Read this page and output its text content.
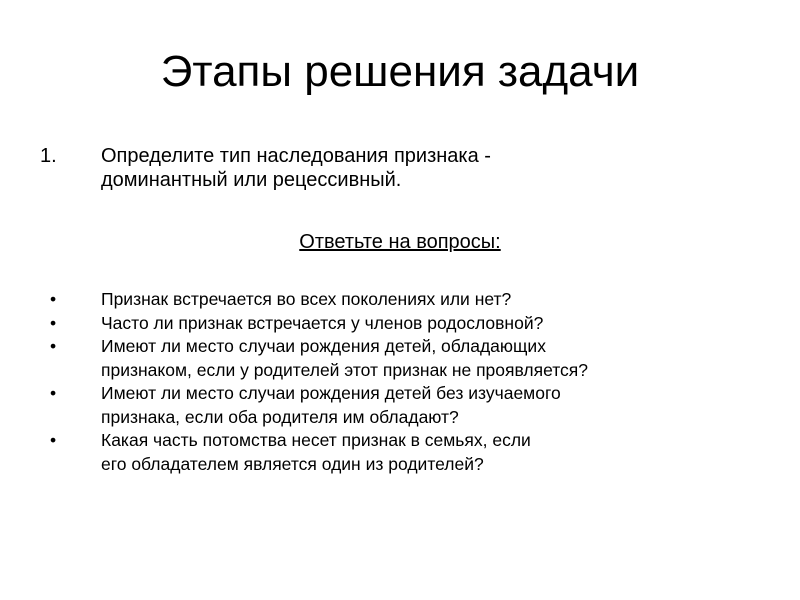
Этапы решения задачи
1. Определите тип наследования признака -
доминантный или рецессивный.
Ответьте на вопросы:
•	Признак встречается во всех поколениях или нет?
•	Часто ли признак встречается у членов родословной?
•	Имеют ли место случаи рождения детей, обладающих
признаком, если у родителей этот признак не проявляется?
•	Имеют ли место случаи рождения детей без изучаемого
признака, если оба родителя им обладают?
•	Какая часть потомства несет признак в семьях, если
его обладателем является один из родителей?
